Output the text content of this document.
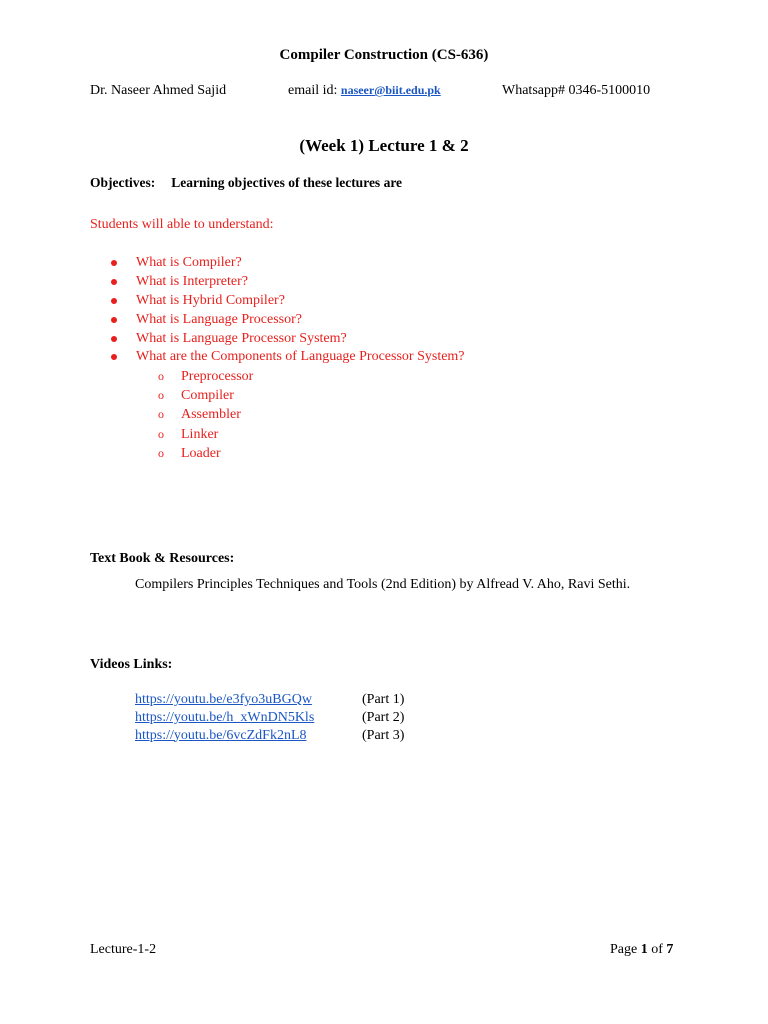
Compiler Construction (CS-636)
Dr. Naseer Ahmed Sajid	email id: naseer@biit.edu.pk	Whatsapp# 0346-5100010
(Week 1) Lecture 1 & 2
Objectives: Learning objectives of these lectures are
Students will able to understand:
What is Compiler?
What is Interpreter?
What is Hybrid Compiler?
What is Language Processor?
What is Language Processor System?
What are the Components of Language Processor System?
o Preprocessor
o Compiler
o Assembler
o Linker
o Loader
Text Book & Resources:
Compilers Principles Techniques and Tools (2nd Edition) by Alfread V. Aho, Ravi Sethi.
Videos Links:
https://youtu.be/e3fyo3uBGQw	(Part 1)
https://youtu.be/h_xWnDN5Kls	(Part 2)
https://youtu.be/6vcZdFk2nL8	(Part 3)
Lecture-1-2	Page 1 of 7
